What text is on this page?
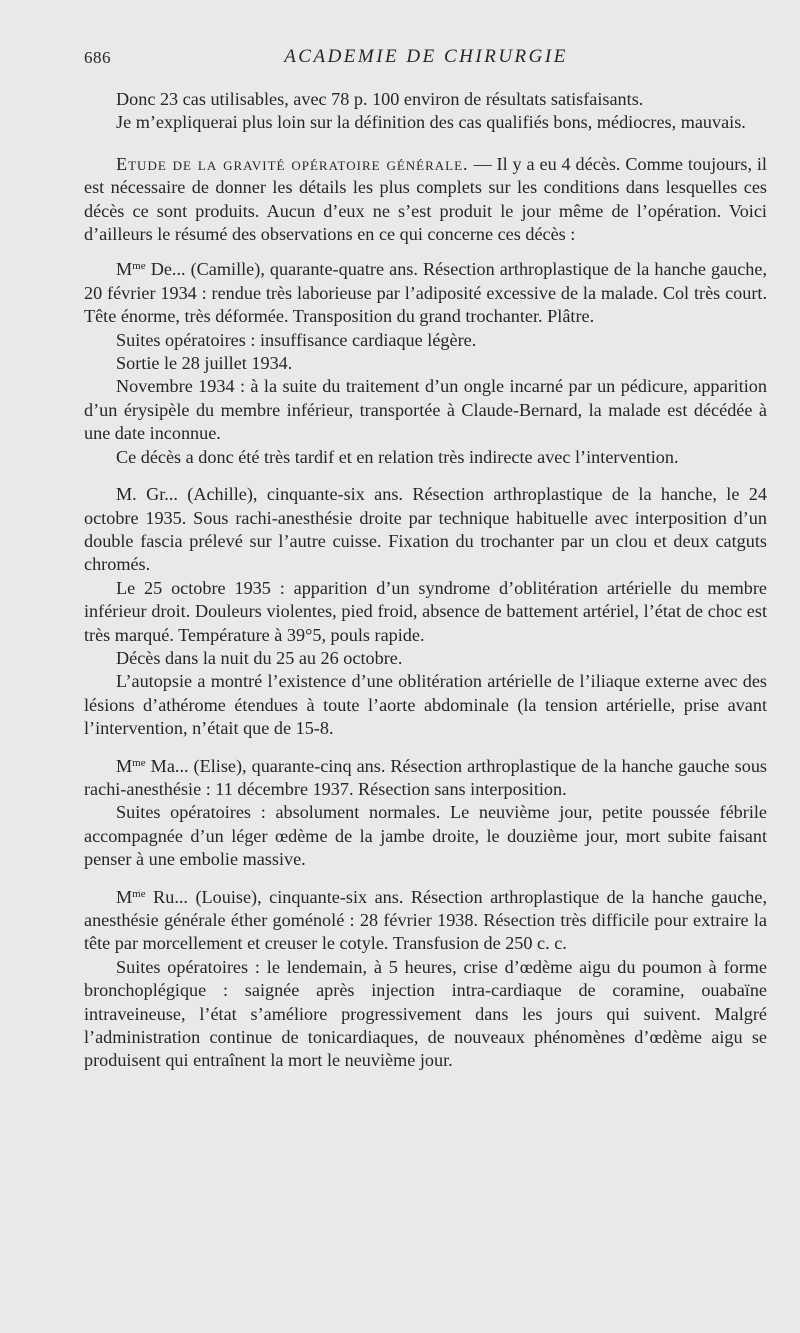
686	ACADEMIE DE CHIRURGIE

Donc 23 cas utilisables, avec 78 p. 100 environ de résultats satisfaisants.

Je m’expliquerai plus loin sur la définition des cas qualifiés bons, médiocres, mauvais.

Etude de la gravité opératoire générale. — Il y a eu 4 décès. Comme toujours, il est nécessaire de donner les détails les plus complets sur les conditions dans lesquelles ces décès ce sont produits. Aucun d’eux ne s’est produit le jour même de l’opération. Voici d’ailleurs le résumé des observations en ce qui concerne ces décès :

$M^{me}$ De... (Camille), quarante-quatre ans. Résection arthroplastique de la hanche gauche, 20 février 1934 : rendue très laborieuse par l’adiposité excessive de la malade. Col très court. Tête énorme, très déformée. Transposition du grand trochanter. Plâtre.

Suites opératoires : insuffisance cardiaque légère.

Sortie le 28 juillet 1934.

Novembre 1934 : à la suite du traitement d’un ongle incarné par un pédicure, apparition d’un érysipèle du membre inférieur, transportée à Claude-Bernard, la malade est décédée à une date inconnue.

Ce décès a donc été très tardif et en relation très indirecte avec l’intervention.

M. Gr... (Achille), cinquante-six ans. Résection arthroplastique de la hanche, le 24 octobre 1935. Sous rachi-anesthésie droite par technique habituelle avec interposition d’un double fascia prélevé sur l’autre cuisse. Fixation du trochanter par un clou et deux catguts chromés.

Le 25 octobre 1935 : apparition d’un syndrome d’oblitération artérielle du membre inférieur droit. Douleurs violentes, pied froid, absence de battement artériel, l’état de choc est très marqué. Température à 39°5, pouls rapide.

Décès dans la nuit du 25 au 26 octobre.

L’autopsie a montré l’existence d’une oblitération artérielle de l’iliaque externe avec des lésions d’athérome étendues à toute l’aorte abdominale (la tension artérielle, prise avant l’intervention, n’était que de 15-8.

$M^{me}$ Ma... (Elise), quarante-cinq ans. Résection arthroplastique de la hanche gauche sous rachi-anesthésie : 11 décembre 1937. Résection sans interposition.

Suites opératoires : absolument normales. Le neuvième jour, petite poussée fébrile accompagnée d’un léger œdème de la jambe droite, le douzième jour, mort subite faisant penser à une embolie massive.

$M^{me}$ Ru... (Louise), cinquante-six ans. Résection arthroplastique de la hanche gauche, anesthésie générale éther goménolé : 28 février 1938. Résection très difficile pour extraire la tête par morcellement et creuser le cotyle. Transfusion de 250 c. c.

Suites opératoires : le lendemain, à 5 heures, crise d’œdème aigu du poumon à forme bronchoplégique : saignée après injection intra-cardiaque de coramine, ouabaïne intraveineuse, l’état s’améliore progressivement dans les jours qui suivent. Malgré l’administration continue de tonicardiaques, de nouveaux phénomènes d’œdème aigu se produisent qui entraînent la mort le neuvième jour.
